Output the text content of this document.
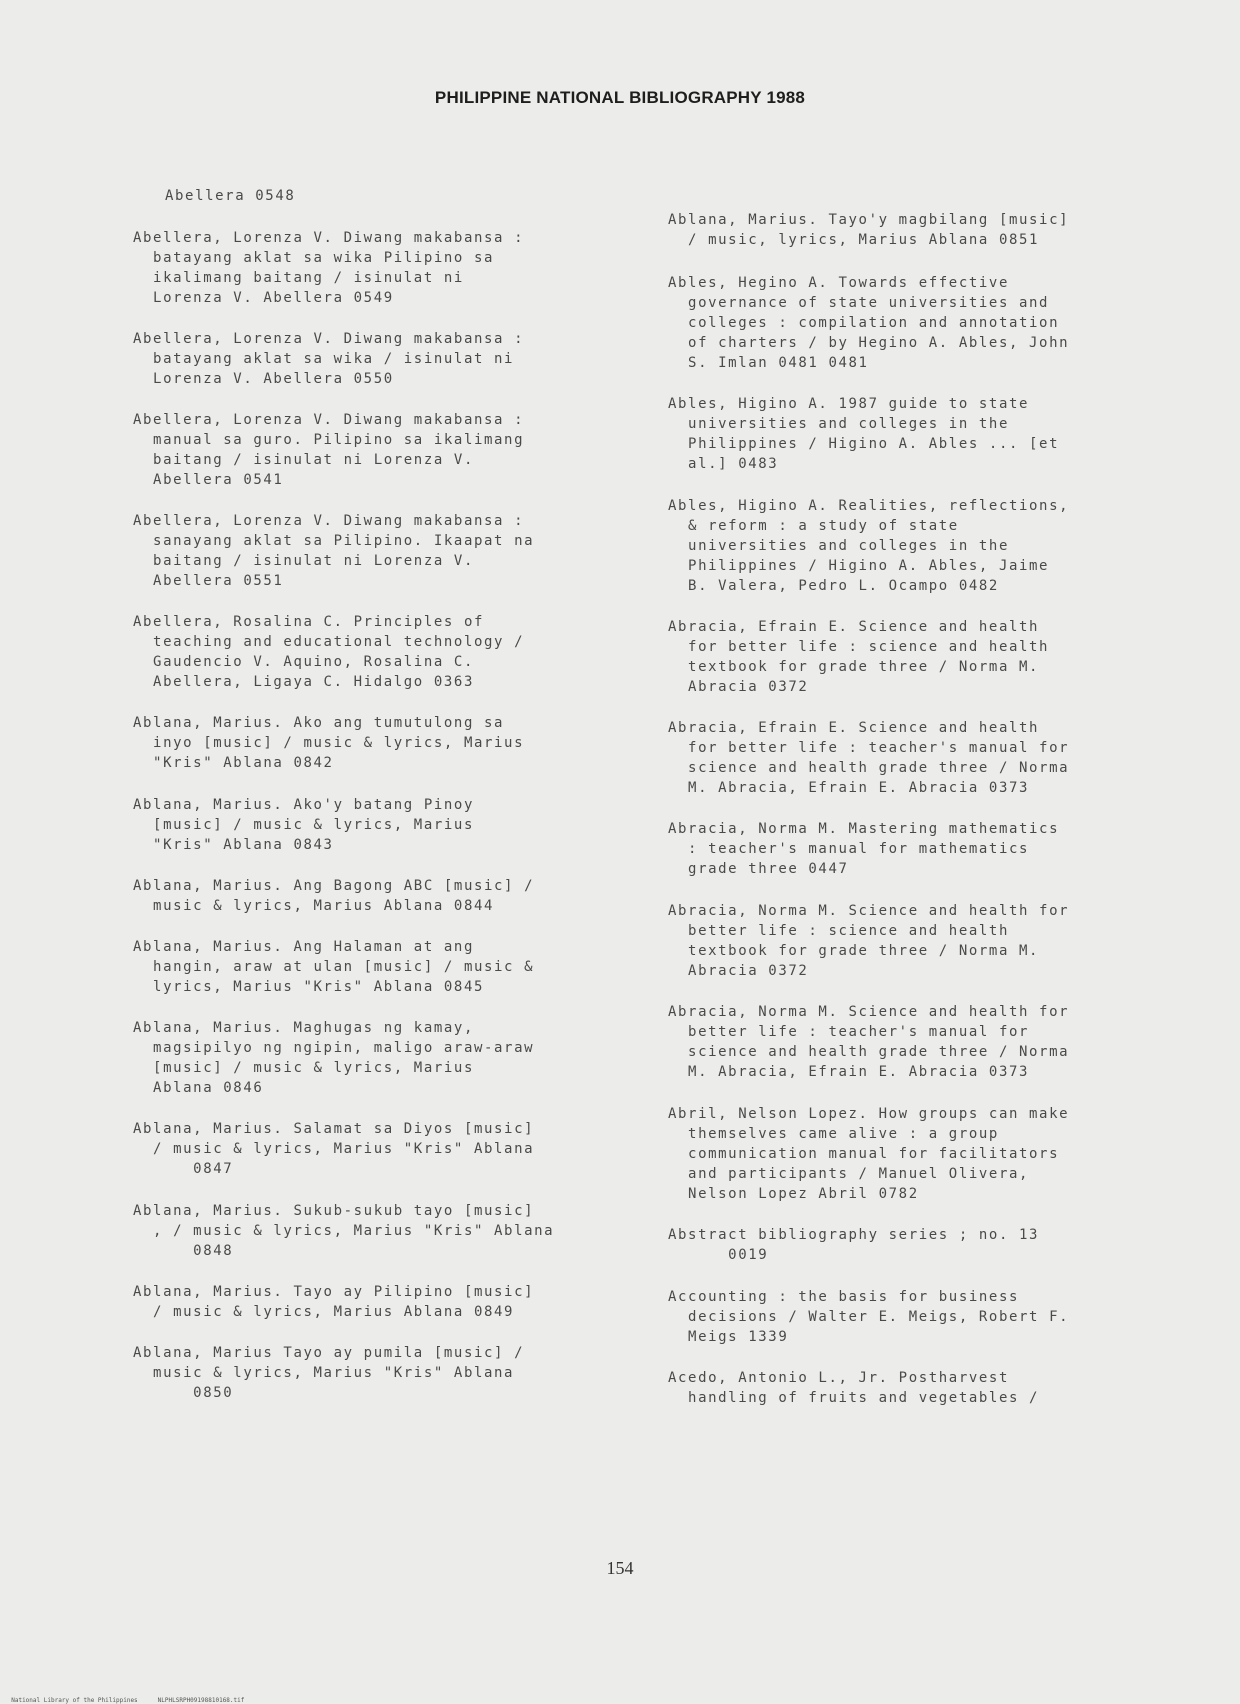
PHILIPPINE NATIONAL BIBLIOGRAPHY 1988
Abellera 0548
Abellera, Lorenza V. Diwang makabansa :
batayang aklat sa wika Pilipino sa
ikalimang baitang / isinulat ni
Lorenza V. Abellera 0549
Abellera, Lorenza V. Diwang makabansa :
batayang aklat sa wika / isinulat ni
Lorenza V. Abellera 0550
Abellera, Lorenza V. Diwang makabansa :
manual sa guro. Pilipino sa ikalimang
baitang / isinulat ni Lorenza V.
Abellera 0541
Abellera, Lorenza V. Diwang makabansa :
sanayang aklat sa Pilipino. Ikaapat na
baitang / isinulat ni Lorenza V.
Abellera 0551
Abellera, Rosalina C. Principles of
teaching and educational technology /
Gaudencio V. Aquino, Rosalina C.
Abellera, Ligaya C. Hidalgo 0363
Ablana, Marius. Ako ang tumutulong sa
inyo [music] / music & lyrics, Marius
"Kris" Ablana 0842
Ablana, Marius. Ako'y batang Pinoy
[music] / music & lyrics, Marius
"Kris" Ablana 0843
Ablana, Marius. Ang Bagong ABC [music] /
music & lyrics, Marius Ablana 0844
Ablana, Marius. Ang Halaman at ang
hangin, araw at ulan [music] / music &
lyrics, Marius "Kris" Ablana 0845
Ablana, Marius. Maghugas ng kamay,
magsipilyo ng ngipin, maligo araw-araw
[music] / music & lyrics, Marius
Ablana 0846
Ablana, Marius. Salamat sa Diyos [music]
/ music & lyrics, Marius "Kris" Ablana
0847
Ablana, Marius. Sukub-sukub tayo [music]
, / music & lyrics, Marius "Kris" Ablana
0848
Ablana, Marius. Tayo ay Pilipino [music]
/ music & lyrics, Marius Ablana 0849
Ablana, Marius Tayo ay pumila [music] /
music & lyrics, Marius "Kris" Ablana
0850
Ablana, Marius. Tayo'y magbilang [music]
/ music, lyrics, Marius Ablana 0851
Ables, Hegino A. Towards effective
governance of state universities and
colleges : compilation and annotation
of charters / by Hegino A. Ables, John
S. Imlan 0481 0481
Ables, Higino A. 1987 guide to state
universities and colleges in the
Philippines / Higino A. Ables ... [et
al.] 0483
Ables, Higino A. Realities, reflections,
& reform : a study of state
universities and colleges in the
Philippines / Higino A. Ables, Jaime
B. Valera, Pedro L. Ocampo 0482
Abracia, Efrain E. Science and health
for better life : science and health
textbook for grade three / Norma M.
Abracia 0372
Abracia, Efrain E. Science and health
for better life : teacher's manual for
science and health grade three / Norma
M. Abracia, Efrain E. Abracia 0373
Abracia, Norma M. Mastering mathematics
: teacher's manual for mathematics
grade three 0447
Abracia, Norma M. Science and health for
better life : science and health
textbook for grade three / Norma M.
Abracia 0372
Abracia, Norma M. Science and health for
better life : teacher's manual for
science and health grade three / Norma
M. Abracia, Efrain E. Abracia 0373
Abril, Nelson Lopez. How groups can make
themselves came alive : a group
communication manual for facilitators
and participants / Manuel Olivera,
Nelson Lopez Abril 0782
Abstract bibliography series ; no. 13
0019
Accounting : the basis for business
decisions / Walter E. Meigs, Robert F.
Meigs 1339
Acedo, Antonio L., Jr. Postharvest
handling of fruits and vegetables /
154

National Library of the Philippines	NLPHLSRPH09198810168.tif
